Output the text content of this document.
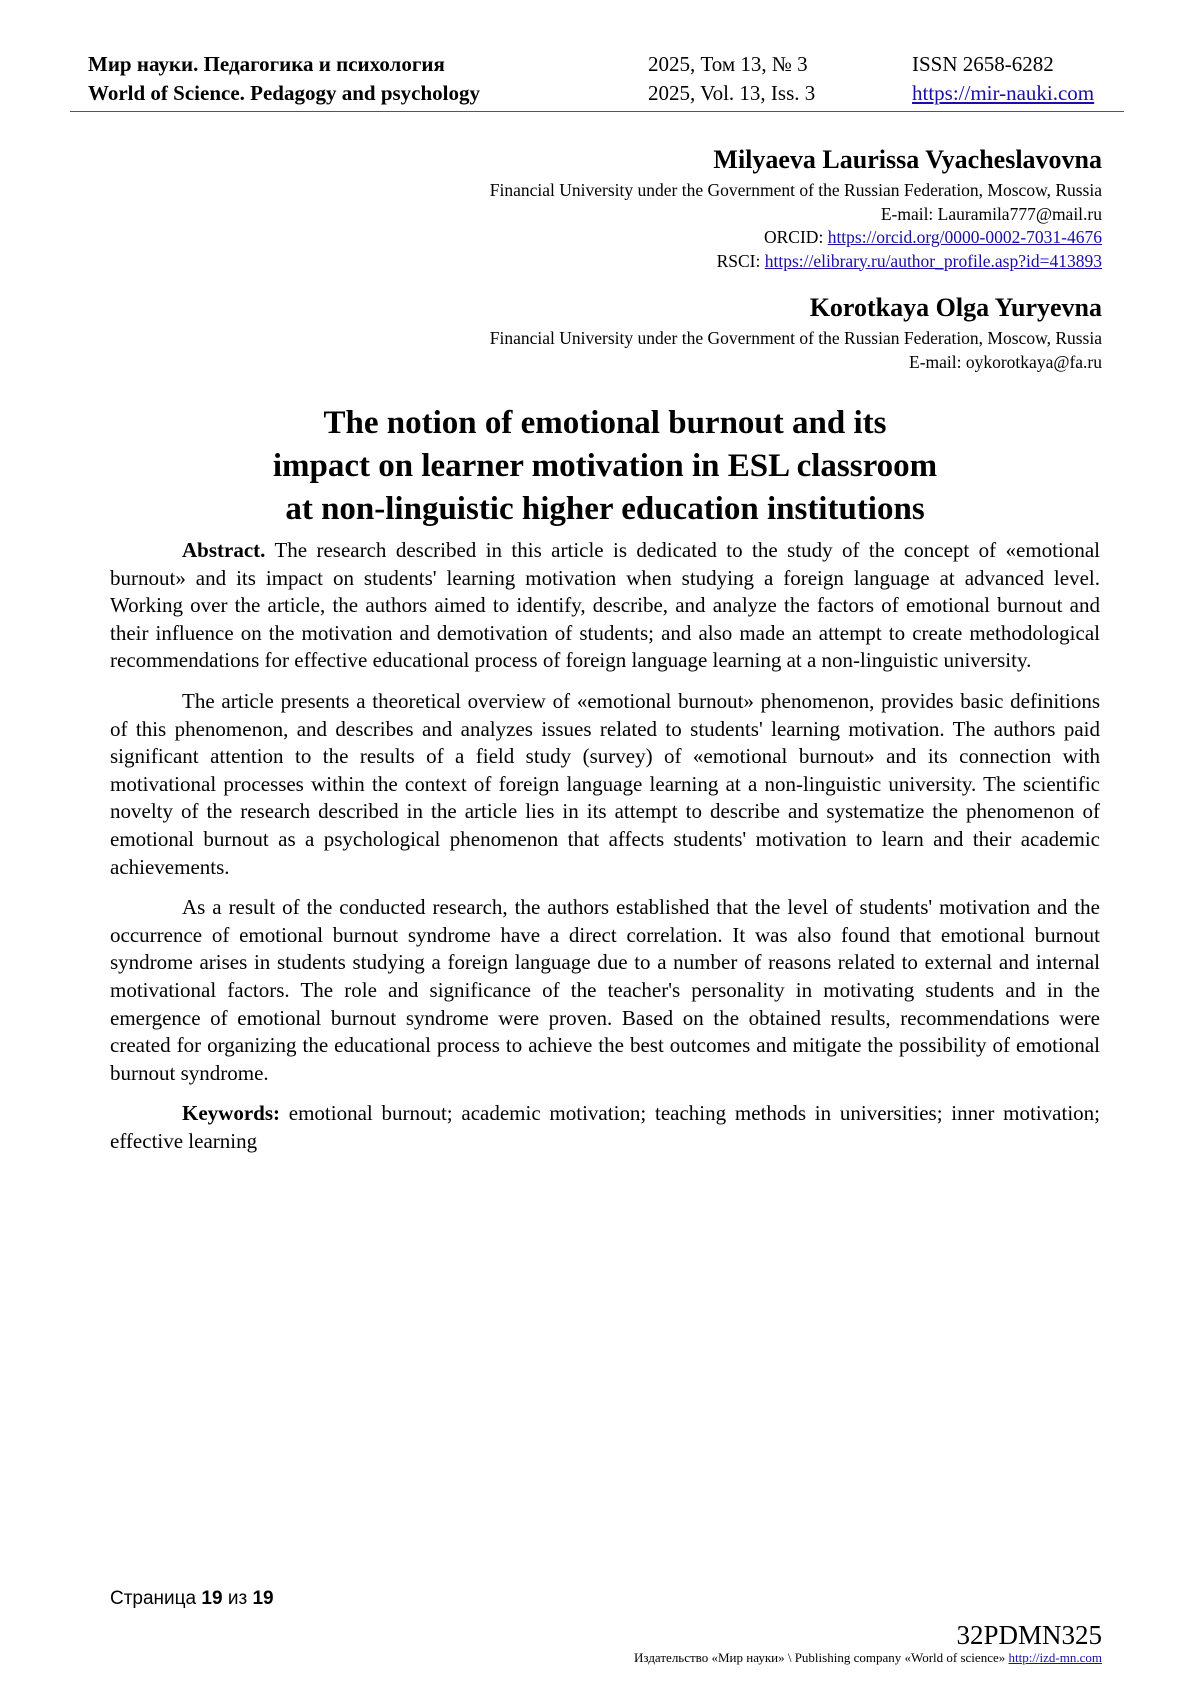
Мир науки. Педагогика и психология
World of Science. Pedagogy and psychology
2025, Том 13, № 3
2025, Vol. 13, Iss. 3
ISSN 2658-6282
https://mir-nauki.com
Milyaeva Laurissa Vyacheslavovna
Financial University under the Government of the Russian Federation, Moscow, Russia
E-mail: Lauramila777@mail.ru
ORCID: https://orcid.org/0000-0002-7031-4676
RSCI: https://elibrary.ru/author_profile.asp?id=413893
Korotkaya Olga Yuryevna
Financial University under the Government of the Russian Federation, Moscow, Russia
E-mail: oykorotkaya@fa.ru
The notion of emotional burnout and its
impact on learner motivation in ESL classroom
at non-linguistic higher education institutions

Abstract. The research described in this article is dedicated to the study of the concept of «emotional burnout» and its impact on students' learning motivation when studying a foreign language at advanced level. Working over the article, the authors aimed to identify, describe, and analyze the factors of emotional burnout and their influence on the motivation and demotivation of students; and also made an attempt to create methodological recommendations for effective educational process of foreign language learning at a non-linguistic university.

The article presents a theoretical overview of «emotional burnout» phenomenon, provides basic definitions of this phenomenon, and describes and analyzes issues related to students' learning motivation. The authors paid significant attention to the results of a field study (survey) of «emotional burnout» and its connection with motivational processes within the context of foreign language learning at a non-linguistic university. The scientific novelty of the research described in the article lies in its attempt to describe and systematize the phenomenon of emotional burnout as a psychological phenomenon that affects students' motivation to learn and their academic achievements.

As a result of the conducted research, the authors established that the level of students' motivation and the occurrence of emotional burnout syndrome have a direct correlation. It was also found that emotional burnout syndrome arises in students studying a foreign language due to a number of reasons related to external and internal motivational factors. The role and significance of the teacher's personality in motivating students and in the emergence of emotional burnout syndrome were proven. Based on the obtained results, recommendations were created for organizing the educational process to achieve the best outcomes and mitigate the possibility of emotional burnout syndrome.

Keywords: emotional burnout; academic motivation; teaching methods in universities; inner motivation; effective learning

Страница 19 из 19
32PDMN325
Издательство «Мир науки» \ Publishing company «World of science» http://izd-mn.com
